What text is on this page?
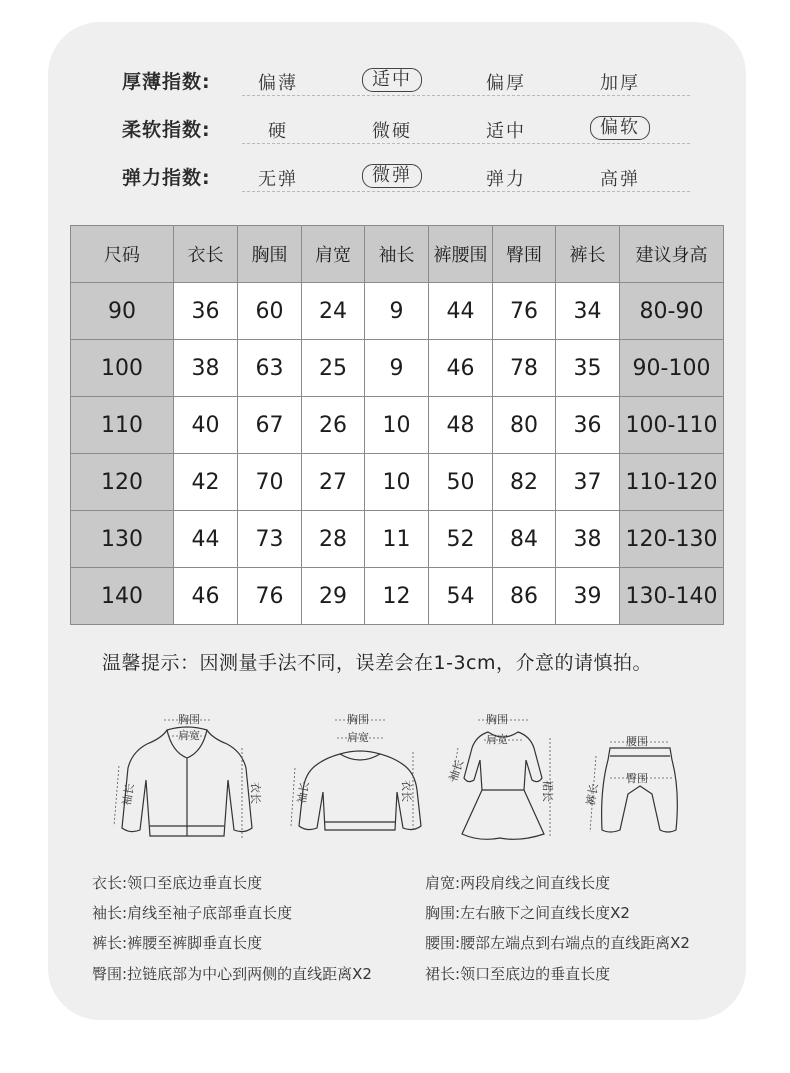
厚薄指数:	偏薄	适中	偏厚	加厚
柔软指数:	硬	微硬	适中	偏软
弹力指数:	无弹	微弹	弹力	高弹
尺码	衣长	胸围	肩宽	袖长	裤腰围	臀围	裤长	建议身高
90	36	60	24	9	44	76	34	80-90
100	38	63	25	9	46	78	35	90-100
110	40	67	26	10	48	80	36	100-110
120	42	70	27	10	50	82	37	110-120
130	44	73	28	11	52	84	38	120-130
140	46	76	29	12	54	86	39	130-140
温馨提示：因测量手法不同，误差会在1-3cm，介意的请慎拍。
胸围
肩宽
袖长	衣长
胸围
肩宽
袖长	衣长
胸围
肩宽
袖长
裙长
腰围
臀围
裤长
衣长:领口至底边垂直长度	肩宽:两段肩线之间直线长度
袖长:肩线至袖子底部垂直长度	胸围:左右腋下之间直线长度X2
裤长:裤腰至裤脚垂直长度	腰围:腰部左端点到右端点的直线距离X2
臀围:拉链底部为中心到两侧的直线距离X2	裙长:领口至底边的垂直长度
